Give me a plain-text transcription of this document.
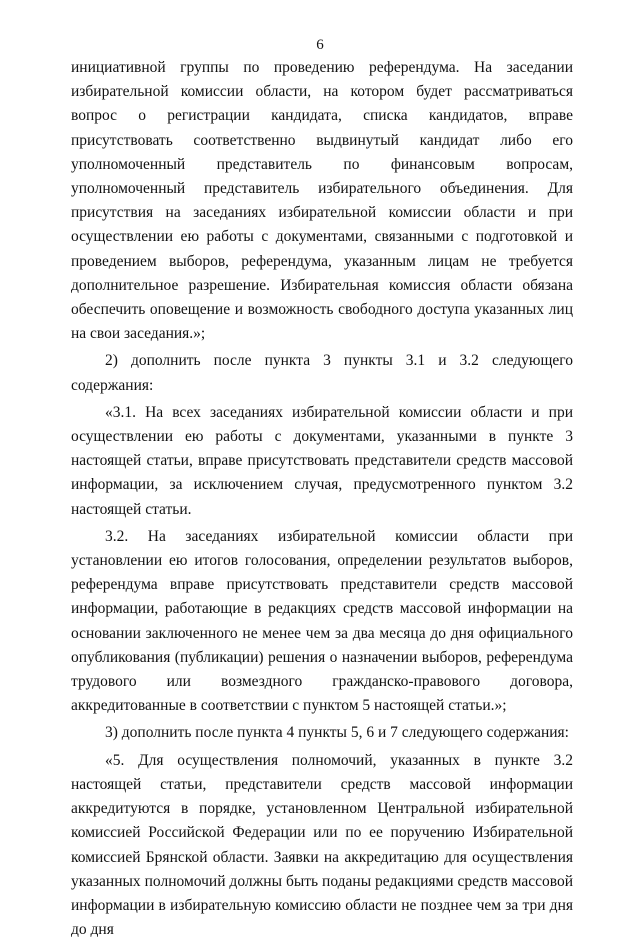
6

инициативной группы по проведению референдума. На заседании избирательной комиссии области, на котором будет рассматриваться вопрос о регистрации кандидата, списка кандидатов, вправе присутствовать соответственно выдвинутый кандидат либо его уполномоченный представитель по финансовым вопросам, уполномоченный представитель избирательного объединения. Для присутствия на заседаниях избирательной комиссии области и при осуществлении ею работы с документами, связанными с подготовкой и проведением выборов, референдума, указанным лицам не требуется дополнительное разрешение. Избирательная комиссия области обязана обеспечить оповещение и возможность свободного доступа указанных лиц на свои заседания.»;

2) дополнить после пункта 3 пункты 3.1 и 3.2 следующего содержания:

«3.1. На всех заседаниях избирательной комиссии области и при осуществлении ею работы с документами, указанными в пункте 3 настоящей статьи, вправе присутствовать представители средств массовой информации, за исключением случая, предусмотренного пунктом 3.2 настоящей статьи.

3.2. На заседаниях избирательной комиссии области при установлении ею итогов голосования, определении результатов выборов, референдума вправе присутствовать представители средств массовой информации, работающие в редакциях средств массовой информации на основании заключенного не менее чем за два месяца до дня официального опубликования (публикации) решения о назначении выборов, референдума трудового или возмездного гражданско-правового договора, аккредитованные в соответствии с пунктом 5 настоящей статьи.»;

3) дополнить после пункта 4 пункты 5, 6 и 7 следующего содержания:

«5. Для осуществления полномочий, указанных в пункте 3.2 настоящей статьи, представители средств массовой информации аккредитуются в порядке, установленном Центральной избирательной комиссией Российской Федерации или по ее поручению Избирательной комиссией Брянской области. Заявки на аккредитацию для осуществления указанных полномочий должны быть поданы редакциями средств массовой информации в избирательную комиссию области не позднее чем за три дня до дня
